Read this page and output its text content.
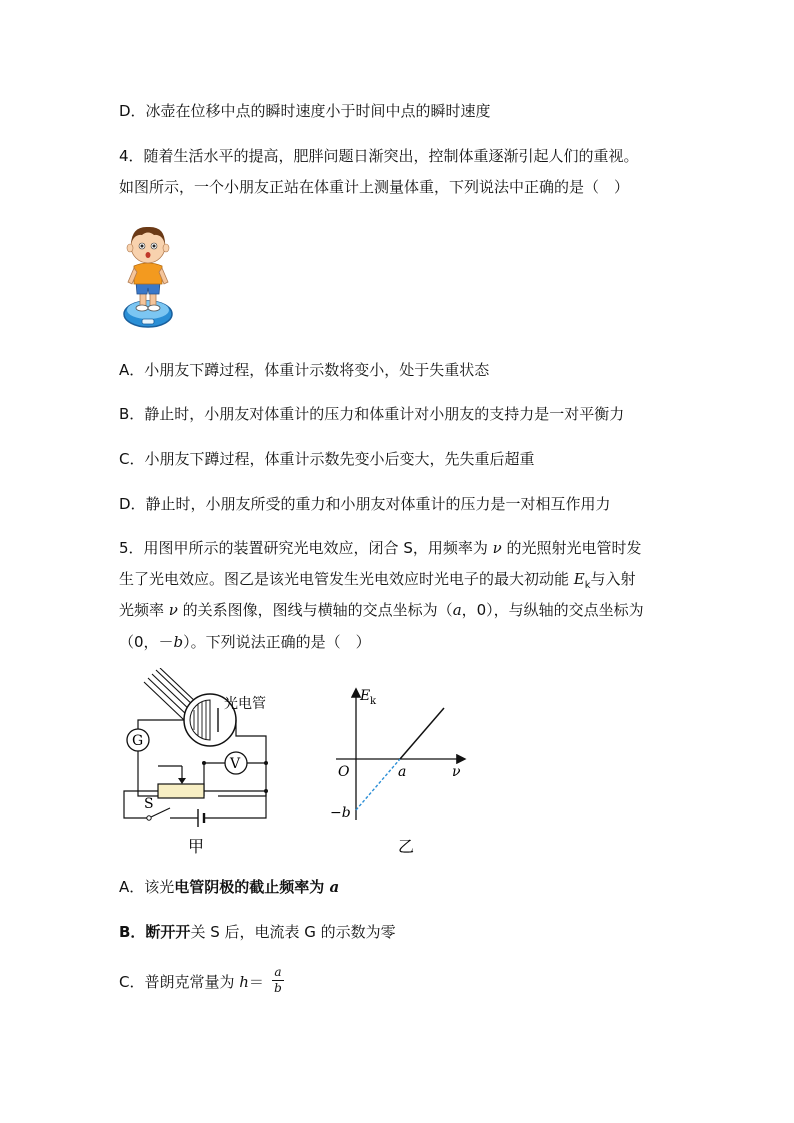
D．冰壶在位移中点的瞬时速度小于时间中点的瞬时速度
4．随着生活水平的提高，肥胖问题日渐突出，控制体重逐渐引起人们的重视。
如图所示，一个小朋友正站在体重计上测量体重，下列说法中正确的是（　）
A．小朋友下蹲过程，体重计示数将变小，处于失重状态
B．静止时，小朋友对体重计的压力和体重计对小朋友的支持力是一对平衡力
C．小朋友下蹲过程，体重计示数先变小后变大，先失重后超重
D．静止时，小朋友所受的重力和小朋友对体重计的压力是一对相互作用力
5．用图甲所示的装置研究光电效应，闭合 S，用频率为 ν 的光照射光电管时发
生了光电效应。图乙是该光电管发生光电效应时光电子的最大初动能 $E_k$与入射
光频率 ν 的关系图像，图线与横轴的交点坐标为（a，0），与纵轴的交点坐标为
（0，－b）。下列说法正确的是（　）
光电管
G
V
S
甲
E k
ν
O	a
−b
乙
A．该光电管阴极的截止频率为 a
B．断开开关 S 后，电流表 G 的示数为零
C．普朗克常量为 h＝
a
b
